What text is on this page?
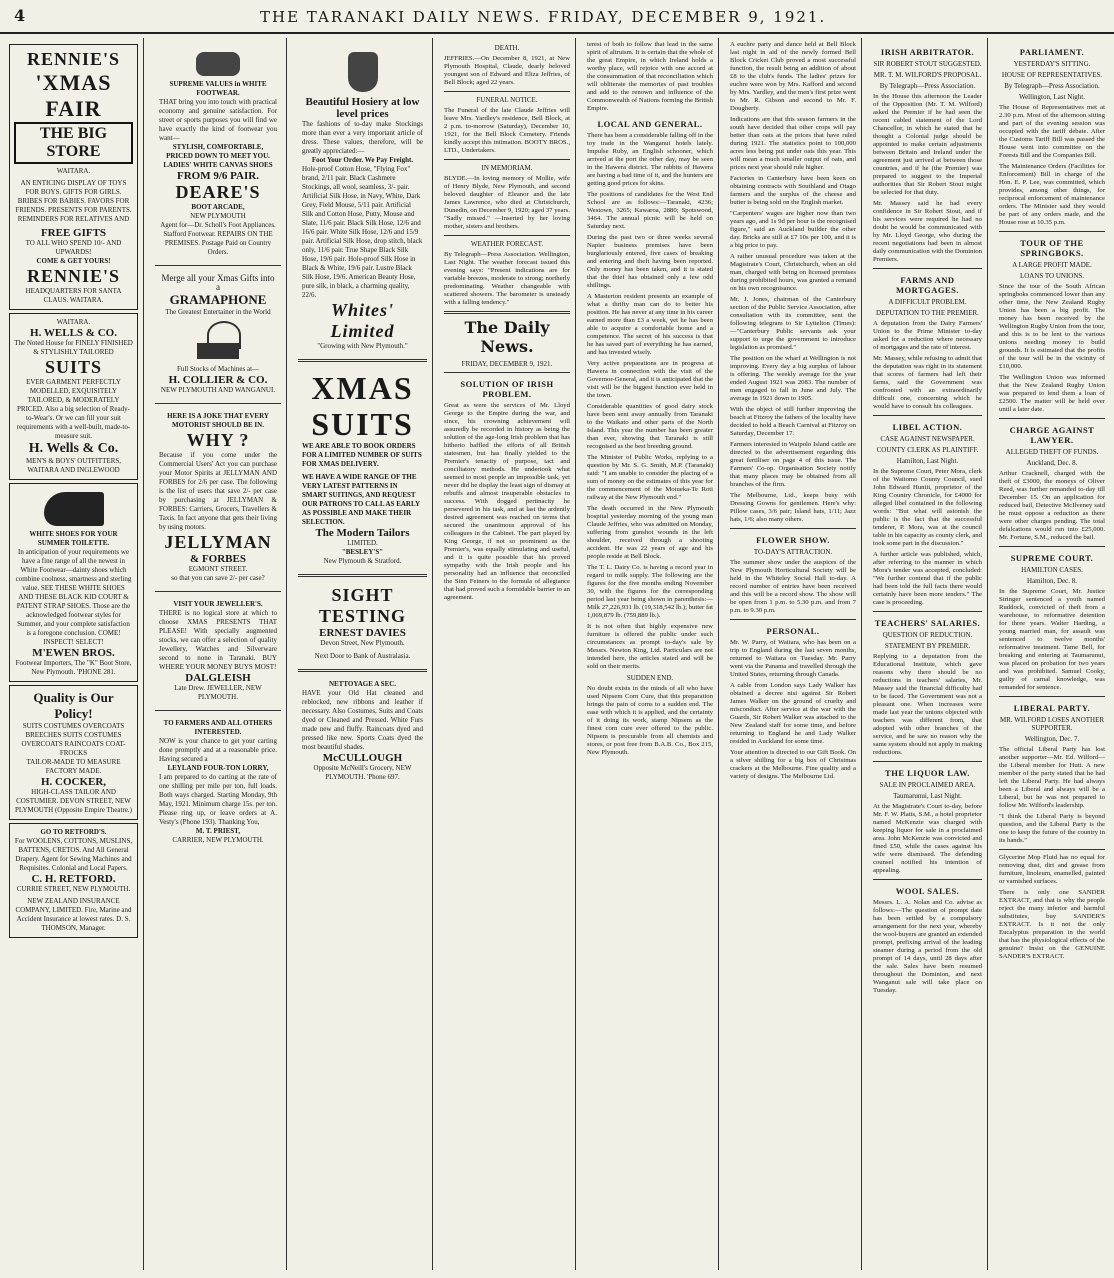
4	THE TARANAKI DAILY NEWS. FRIDAY, DECEMBER 9, 1921.
RENNIE'S
'XMAS
FAIR
THE BIG STORE
WAITARA.
AN ENTICING DISPLAY OF TOYS FOR BOYS. GIFTS FOR GIRLS. BRIBES FOR BABIES. FAVORS FOR FRIENDS. PRESENTS FOR PARENTS. REMINDERS FOR RELATIVES AND
FREE GIFTS
TO ALL WHO SPEND 10/- AND UPWARDS!
COME & GET YOURS!
RENNIE'S
HEADQUARTERS FOR SANTA CLAUS. WAITARA.
WAITARA.
H. WELLS & CO.
The Noted House for FINELY FINISHED & STYLISHLY TAILORED
SUITS
EVER GARMENT PERFECTLY MODELLED, EXQUISITELY TAILORED, & MODERATELY PRICED. Also a big selection of Ready-to-Wear's. Or we can fill your suit requirements with a well-built, made-to-measure suit.
H. Wells & Co.
MEN'S & BOYS' OUTFITTERS, WAITARA AND INGLEWOOD
WHITE SHOES FOR YOUR SUMMER TOILETTE.
In anticipation of your requirements we have a fine range of all the newest in White Footwear—dainty shoes which combine coolness, smartness and sterling value. SEE THESE WHITE SHOES AND THESE BLACK KID COURT & PATENT STRAP SHOES. Those are the acknowledged footwear styles for Summer, and your complete satisfaction is a foregone conclusion. COME! INSPECT! SELECT!
M'EWEN BROS.
Footwear Importers, The "K" Boot Store, New Plymouth. 'PHONE 281.
Quality is Our Policy!
SUITS COSTUMES OVERCOATS BREECHES SUITS COSTUMES OVERCOATS RAINCOATS COAT-FROCKS
TAILOR-MADE TO MEASURE
FACTORY MADE.
H. COCKER,
HIGH-CLASS TAILOR AND COSTUMIER. DEVON STREET, NEW PLYMOUTH (Opposite Empire Theatre.)
GO TO RETFORD'S.
For WOOLENS, COTTONS, MUSLINS, BATTENS, CRETOS. And All General Drapery. Agent for Sewing Machines and Requisites. Colonial and Local Papers.
C. H. RETFORD.
CURRIE STREET, NEW PLYMOUTH.
NEW ZEALAND INSURANCE COMPANY, LIMITED. Fire, Marine and Accident Insurance at lowest rates. D. S. THOMSON, Manager.
SUPREME VALUES in WHITE FOOTWEAR.
THAT bring you into touch with practical economy and genuine satisfaction. For street or sports purposes you will find we have exactly the kind of footwear you want—
STYLISH, COMFORTABLE, PRICED DOWN TO MEET YOU. LADIES' WHITE CANVAS SHOES
FROM 9/6 PAIR.
DEARE'S
BOOT ARCADE,
NEW PLYMOUTH
Agent for—Dr. Scholl's Foot Appliances. Stafford Footwear. REPAIRS ON THE PREMISES. Postage Paid on Country Orders.
Merge all your Xmas Gifts into a
GRAMAPHONE
The Greatest Entertainer in the World
Full Stocks of Machines at—
H. COLLIER & CO.
NEW PLYMOUTH AND WANGANUI.
HERE IS A JOKE THAT EVERY MOTORIST SHOULD BE IN.
WHY ?
Because if you come under the Commercial Users' Act you can purchase your Motor Spirits at JELLYMAN AND FORBES for 2/6 per case. The following is the list of users that save 2/- per case by purchasing at JELLYMAN & FORBES: Carriers, Grocers, Travellers & Taxis. In fact anyone that gets their living by using motors.
JELLYMAN
& FORBES
EGMONT STREET.
so that you can save 2/- per case?
VISIT YOUR JEWELLER'S.
THERE is no logical store at which to choose XMAS PRESENTS THAT PLEASE! With specially augmented stocks, we can offer a selection of quality Jewellery, Watches and Silverware second to none in Taranaki. BUY WHERE YOUR MONEY BUYS MOST!
DALGLEISH
Late Drew. JEWELLER, NEW PLYMOUTH.
TO FARMERS AND ALL OTHERS INTERESTED.
NOW is your chance to get your carting done promptly and at a reasonable price. Having secured a
LEYLAND FOUR-TON LORRY,
I am prepared to do carting at the rate of one shilling per mile per ton, full loads. Both ways charged. Starting Monday, 9th May, 1921. Minimum charge 15s. per ton. Please ring up, or leave orders at A. Vesty's (Phone 193). Thanking You,
M. T. PRIEST,
CARRIER, NEW PLYMOUTH.
Beautiful Hosiery at low level prices
The fashions of to-day make Stockings more than ever a very important article of dress. These values, therefore, will be greatly appreciated:—
Foot Your Order. We Pay Freight.
Hole-proof Cotton Hose, "Flying Fox" brand, 2/11 pair. Black Cashmere Stockings, all wool, seamless, 3/- pair. Artificial Silk Hose, in Navy, White, Dark Grey, Field Mouse, 5/11 pair. Artificial Silk and Cotton Hose, Putty, Mouse and Slate, 11/6 pair. Black Silk Hose, 12/6 and 16/6 pair. White Silk Hose, 12/6 and 15/9 pair. Artificial Silk Hose, drop stitch, black only, 11/6 pair. True Shape Black Silk Hose, 19/6 pair. Hole-proof Silk Hose in Black & White, 19/6 pair. Lustre Black Silk Hose, 19/6. American Beauty Hose, pure silk, in black, a charming quality, 22/6.
Whites' Limited
"Growing with New Plymouth."
XMAS
SUITS
WE ARE ABLE TO BOOK ORDERS FOR A LIMITED NUMBER OF SUITS FOR XMAS DELIVERY.
WE HAVE A WIDE RANGE OF THE VERY LATEST PATTERNS IN SMART SUITINGS, AND REQUEST OUR PATRONS TO CALL AS EARLY AS POSSIBLE AND MAKE THEIR SELECTION.
The Modern Tailors
LIMITED.
"BESLEY'S"
New Plymouth & Stratford.
SIGHT
TESTING
ERNEST DAVIES
Devon Street, New Plymouth.
Next Door to Bank of Australasia.
NETTOYAGE A SEC.
HAVE your Old Hat cleaned and reblocked, new ribbons and leather if necessary. Also Costumes, Suits and Coats dyed or Cleaned and Pressed. White Furs made new and fluffy. Raincoats dyed and pressed like new. Sports Coats dyed the most beautiful shades.
McCULLOUGH
Opposite McNeill's Grocery, NEW PLYMOUTH. 'Phone 697.
DEATH.

JEFFRIES.—On December 8, 1921, at New Plymouth Hospital, Claude, dearly beloved youngest son of Edward and Eliza Jeffries, of Bell Block; aged 22 years.

FUNERAL NOTICE.

The Funeral of the late Claude Jeffries will leave Mrs. Yardley's residence, Bell Block, at 2 p.m. to-morrow (Saturday), December 10, 1921, for the Bell Block Cemetery. Friends kindly accept this intimation. BOOTY BROS., LTD., Undertakers.

IN MEMORIAM.

BLYDE.—In loving memory of Mollie, wife of Henry Blyde, New Plymouth, and second beloved daughter of Eleanor and the late James Lawrence, who died at Christchurch, Dunedin, on December 9, 1920; aged 37 years. "Sadly missed." —Inserted by her loving mother, sisters and brothers.

WEATHER FORECAST.

By Telegraph—Press Association. Wellington, Last Night. The weather forecast issued this evening says: "Present indications are for variable breezes, moderate to strong; northerly predominating. Weather changeable with scattered showers. The barometer is unsteady with a falling tendency."

The Daily News.
FRIDAY, DECEMBER 9, 1921.
SOLUTION OF IRISH PROBLEM.

Great as were the services of Mr. Lloyd George to the Empire during the war, and since, his crowning achievement will assuredly be recorded in history as being the solution of the age-long Irish problem that has hitherto baffled the efforts of all British statesmen, but has finally yielded to the Premier's tenacity of purpose, tact and conciliatory methods. He undertook what seemed to most people an impossible task, yet never did he display the least sign of dismay at rebuffs and almost insuperable obstacles to success. With dogged pertinacity he persevered in his task, and at last the ardently desired agreement was reached on terms that secured the unanimous approval of his colleagues in the Cabinet. The part played by King George, if not so prominent as the Premier's, was equally stimulating and useful, and it is quite possible that his proved sympathy with the Irish people and his personality had an influence that reconciled the Sinn Feiners to the formula of allegiance that had proved such a formidable barrier to an agreement.

terest of both to follow that lead in the same spirit of altruism. It is certain that the whole of the great Empire, in which Ireland holds a worthy place, will rejoice with one accord at the consummation of that reconciliation which will obliterate the memories of past troubles and add to the renown and influence of the Commonwealth of Nations forming the British Empire.

LOCAL AND GENERAL.

There has been a considerable falling off in the toy trade in the Wanganui hotels lately. Impulse Ruby, an English schooner, which arrived at the port the other day, may be seen in the Hawera district. The rabbits of Hawera are having a bad time of it, and the hunters are getting good prices for skins.

The positions of candidates for the West End School are as follows:—Taranaki, 4236; Westown, 3265; Kawaroa, 2880; Spotswood, 3464. The annual picnic will be held on Saturday next.

During the past two or three weeks several Napier business premises have been burglariously entered, five cases of breaking and entering and theft having been reported. Only money has been taken, and it is stated that the thief has obtained only a few odd shillings.

A Masterton resident presents an example of what a thrifty man can do to better his position. He has never at any time in his career earned more than £3 a week, yet he has been able to acquire a comfortable home and a competence. The secret of his success is that he has saved part of everything he has earned, and has invested wisely.

Very active preparations are in progress at Hawera in connection with the visit of the Governor-General, and it is anticipated that the visit will be the biggest function ever held in the town.

Considerable quantities of good dairy stock have been sent away annually from Taranaki to the Waikato and other parts of the North Island. This year the number has been greater than ever, showing that Taranaki is still recognised as the best breeding ground.

The Minister of Public Works, replying to a question by Mr. S. G. Smith, M.P. (Taranaki) said: "I am unable to consider the placing of a sum of money on the estimates of this year for the commencement of the Motueka-Te Roti railway at the New Plymouth end."

The death occurred in the New Plymouth hospital yesterday morning of the young man Claude Jeffries, who was admitted on Monday, suffering from gunshot wounds in the left shoulder, received through a shooting accident. He was 22 years of age and his people reside at Bell Block.

The T. L. Dairy Co. is having a record year in regard to milk supply. The following are the figures for the five months ending November 30, with the figures for the corresponding period last year being shown in parenthesis:—Milk 27,226,931 lb. (19,318,542 lb.); butter fat 1,069,879 lb. (759,889 lb.).

It is not often that highly expensive new furniture is offered the public under such circumstances as prompt to-day's sale by Messrs. Newton King, Ltd. Particulars are not intended here, the articles stated and will be sold on their merits.

SUDDEN END.

No doubt exists in the minds of all who have used Nipsem Corn Cure, that this preparation brings the pain of corns to a sudden end. The ease with which it is applied, and the certainty of it doing its work, stamp Nipsem as the finest corn cure ever offered to the public. Nipsem is procurable from all chemists and stores, or post free from B.A.B. Co., Box 215, New Plymouth.

A euchre party and dance held at Bell Block last night in aid of the newly formed Bell Block Cricket Club proved a most successful function, the result being an addition of about £8 to the club's funds. The ladies' prizes for euchre were won by Mrs. Kafford and second by Mrs. Yardley, and the men's first prize went to Mr. R. Gibson and second to Mr. F. Dougherty.

Indications are that this season farmers in the south have decided that other crops will pay better than oats at the prices that have ruled during 1921. The statistics point to 100,000 acres less being put under oats this year. This will mean a much smaller output of oats, and prices next year should rule higher.

Factories in Canterbury have been keen on obtaining contracts with Southland and Otago farmers and the surplus of the cheese and butter is being sold on the English market.

"Carpenters' wages are higher now than two years ago, and 1s 9d per hour is the recognised figure," said an Auckland builder the other day. Bricks are still at £7 10s per 100, and it is a big price to pay.

A rather unusual procedure was taken at the Magistrate's Court, Christchurch, when an old man, charged with being on licensed premises during prohibited hours, was granted a remand on his own recognisance.

Mr. J. Jones, chairman of the Canterbury section of the Public Service Association, after consultation with its committee, sent the following telegram to Sir Lyttelton (Times):—"Canterbury Public servants ask your support to urge the government to introduce legislation as promised."

The position on the wharf at Wellington is not improving. Every day a big surplus of labour is offering. The weekly average for the year ended August 1921 was 2083. The number of men engaged to fall in June and July. The average in 1921 down to 1905.

With the object of still further improving the beach at Fitzroy the fathers of the locality have decided to hold a Beach Carnival at Fitzroy on Saturday, December 17.

Farmers interested in Waipolo Island cattle are directed to the advertisement regarding this great fertiliser on page 4 of this issue. The Farmers' Co-op. Organisation Society notify that many places may be obtained from all branches of the firm.

The Melbourne, Ltd., keeps busy with Dressing Gowns for gentlemen. Here's why: Pillow cases, 3/6 pair; Island hats, 1/11; Jazz hats, 1/6; also many others.

FLOWER SHOW.
TO-DAY'S ATTRACTION.

The summer show under the auspices of the New Plymouth Horticultural Society will be held in the Whiteley Social Hall to-day. A record number of entries have been received and this will be a record show. The show will be open from 1 p.m. to 5.30 p.m. and from 7 p.m. to 9.30 p.m.

PERSONAL.

Mr. W. Parry, of Waitara, who has been on a trip to England during the last seven months, returned to Waitara on Tuesday. Mr. Parry went via the Panama and travelled through the United States, returning through Canada.

A cable from London says Lady Walker has obtained a decree nisi against Sir Robert James Walker on the ground of cruelty and misconduct. After service at the war with the Guards, Sir Robert Walker was attached to the New Zealand staff for some time, and before returning to England he and Lady Walker resided in Auckland for some time.

Your attention is directed to our Gift Book. On a silver shilling for a big box of Christmas crackers at the Melbourne. Fine quality and a variety of designs. The Melbourne Ltd.

IRISH ARBITRATOR.
SIR ROBERT STOUT SUGGESTED.
MR. T. M. WILFORD'S PROPOSAL.
By Telegraph—Press Association.

In the House this afternoon the Leader of the Opposition (Mr. T. M. Wilford) asked the Premier if he had seen the recent cabled statement of the Lord Chancellor, in which he stated that he thought a Colonial judge should be appointed to make certain adjustments between Britain and Ireland under the agreement just arrived at between those countries, and if he (the Premier) was prepared to suggest to the Imperial authorities that Sir Robert Stout might be selected for that duty.

Mr. Massey said he had every confidence in Sir Robert Stout, and if his services were required he had no doubt he would be communicated with by Mr. Lloyd George, who during the recent negotiations had been in almost daily communication with the Dominion Premiers.

FARMS AND MORTGAGES.
A DIFFICULT PROBLEM.
DEPUTATION TO THE PREMIER.

A deputation from the Dairy Farmers' Union to the Prime Minister to-day asked for a reduction where necessary of mortgages and the rate of interest.

Mr. Massey, while refusing to admit that the deputation was right in its statement that scores of farmers had left their farms, said the Government was confronted with an extraordinarily difficult one, concerning which he would have to consult his colleagues.

LIBEL ACTION.
CASE AGAINST NEWSPAPER.
COUNTY CLERK AS PLAINTIFF.
Hamilton, Last Night.

In the Supreme Court, Peter Mora, clerk of the Waitomo County Council, sued John Edward Huntii, proprietor of the King Country Chronicle, for £4000 for alleged libel contained in the following words: "But what will astonish the public is the fact that the successful tenderer, P. Mora, was at the council table in his capacity as county clerk, and took some part in the discussion."

A further article was published, which, after referring to the manner in which Mora's tender was accepted, concluded: "We further contend that if the public had been told the full facts there would certainly have been more tenders." The case is proceeding.

TEACHERS' SALARIES.
QUESTION OF REDUCTION.
STATEMENT BY PREMIER.

Replying to a deputation from the Educational Institute, which gave reasons why there should be no reductions in teachers' salaries, Mr. Massey said the financial difficulty had to be faced. The Government was not a pleasant one. When increases were made last year the unions objected with teachers was different from, that adopted with other branches of the service, and he saw no reason why the same system should not apply in making reductions.

THE LIQUOR LAW.
SALE IN PROCLAIMED AREA.
Taumarunui, Last Night.

At the Magistrate's Court to-day, before Mr. F. W. Platts, S.M., a hotel proprietor named McKenzie was charged with keeping liquor for sale in a proclaimed area. John McKenzie was convicted and fined £50, while the cases against his wife were dismissed. The defending counsel notified his intention of appealing.

WOOL SALES.

Messrs. L. A. Nolan and Co. advise as follows:—The question of prompt date has been settled by a compulsory arrangement for the next year, whereby the wool-buyers are granted an extended prompt, prefixing arrival of the leading steamer during a period from the old prompt of 14 days, until 28 days after the sale. Sales have been resumed throughout the Dominion, and next Wanganui sale will take place on Tuesday.

PARLIAMENT.
YESTERDAY'S SITTING.
HOUSE OF REPRESENTATIVES.
By Telegraph—Press Association.
Wellington, Last Night.

The House of Representatives met at 2.30 p.m. Most of the afternoon sitting and part of the evening session was occupied with the tariff debate. After the Customs Tariff Bill was passed the House went into committee on the Forests Bill and the Companies Bill.

The Maintenance Orders (Facilities for Enforcement) Bill in charge of the Hon. E. P. Lee, was committed, which provides, among other things, for reciprocal enforcement of maintenance orders. The Minister said they would be part of any orders made, and the House rose at 10.35 p.m.

TOUR OF THE SPRINGBOKS.
A LARGE PROFIT MADE.
LOANS TO UNIONS.

Since the tour of the South African springboks commenced lower than any other time, the New Zealand Rugby Union has been a big profit. The money has been received by the Wellington Rugby Union from the tour, and this is to be lent to the various unions needing money to build grounds. It is estimated that the profits of the tour will be in the vicinity of £10,000.

The Wellington Union was informed that the New Zealand Rugby Union was prepared to lend them a loan of £2500. The matter will be held over until a later date.

CHARGE AGAINST LAWYER.
ALLEGED THEFT OF FUNDS.
Auckland, Dec. 8.

Arthur Cracknell, charged with the theft of £3000, the moneys of Oliver Reed, was further remanded to-day till December 15. On an application for reduced bail, Detective McIlveney said he must oppose a reduction as there were other charges pending. The total defalcations would run into £25,000. Mr. Fortune, S.M., reduced the bail.

SUPREME COURT.
HAMILTON CASES.
Hamilton, Dec. 8.

In the Supreme Court, Mr. Justice Stringer sentenced a youth named Ruddock, convicted of theft from a warehouse, to reformative detention for three years. Walter Harding, a young married man, for assault was sentenced to twelve months' reformative treatment. Tame Bell, for breaking and entering at Taumarunui, was placed on probation for two years and was prohibited. Samuel Cooky, guilty of carnal knowledge, was remanded for sentence.

LIBERAL PARTY.
MR. WILFORD LOSES ANOTHER SUPPORTER.
Wellington, Dec. 7.

The official Liberal Party has lost another supporter—Mr. Ed. Wilford—the Liberal member for Hutt. A new member of the party stated that he had left the Liberal Party. He had always been a Liberal and always will be a Liberal, but he was not prepared to follow Mr. Wilford's leadership.

"I think the Liberal Party is beyond question, and the Liberal Party is the one to keep the future of the country in its hands."

Glycerine Mop Fluid has no equal for removing dust, dirt and grease from furniture, linoleum, enamelled, painted or varnished surfaces.

There is only one SANDER EXTRACT, and that is why the people reject the many inferior and harmful substitutes, buy SANDER'S EXTRACT. Is it not the only Eucalyptus preparation in the world that has the physiological effects of the genuine? Insist on the GENUINE SANDER'S EXTRACT.
